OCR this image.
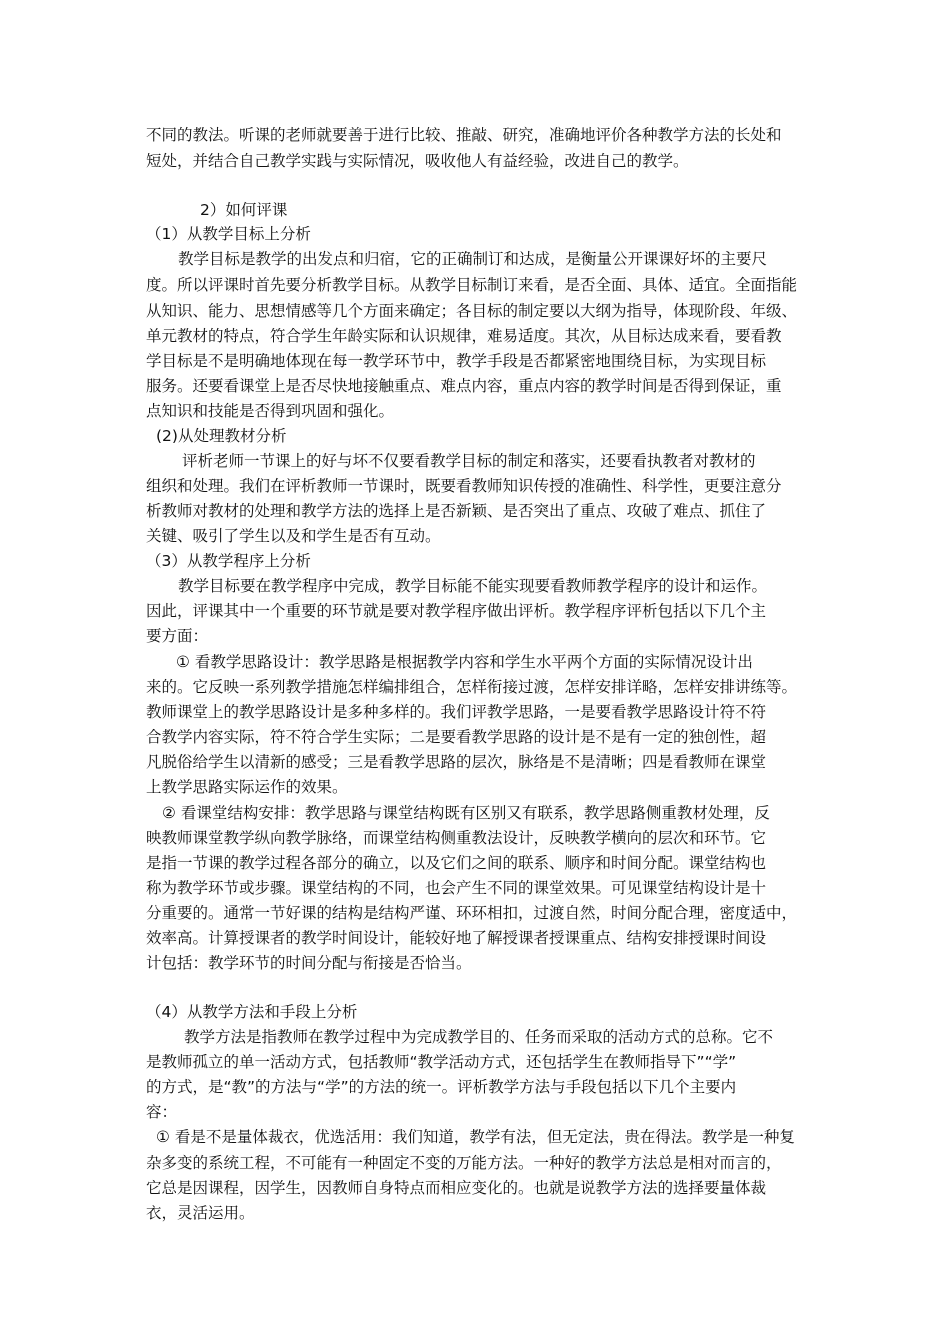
不同的教法。听课的老师就要善于进行比较、推敲、研究，准确地评价各种教学方法的长处和
短处，并结合自己教学实践与实际情况，吸收他人有益经验，改进自己的教学。
2）如何评课
（1）从教学目标上分析
教学目标是教学的出发点和归宿，它的正确制订和达成，是衡量公开课课好坏的主要尺
度。所以评课时首先要分析教学目标。从教学目标制订来看，是否全面、具体、适宜。全面指能
从知识、能力、思想情感等几个方面来确定；各目标的制定要以大纲为指导，体现阶段、年级、
单元教材的特点，符合学生年龄实际和认识规律，难易适度。其次，从目标达成来看，要看教
学目标是不是明确地体现在每一教学环节中，教学手段是否都紧密地围绕目标，为实现目标
服务。还要看课堂上是否尽快地接触重点、难点内容，重点内容的教学时间是否得到保证，重
点知识和技能是否得到巩固和强化。
(2)从处理教材分析
评析老师一节课上的好与坏不仅要看教学目标的制定和落实，还要看执教者对教材的
组织和处理。我们在评析教师一节课时，既要看教师知识传授的准确性、科学性，更要注意分
析教师对教材的处理和教学方法的选择上是否新颖、是否突出了重点、攻破了难点、抓住了
关键、吸引了学生以及和学生是否有互动。
（3）从教学程序上分析
教学目标要在教学程序中完成，教学目标能不能实现要看教师教学程序的设计和运作。
因此，评课其中一个重要的环节就是要对教学程序做出评析。教学程序评析包括以下几个主
要方面：
① 看教学思路设计：教学思路是根据教学内容和学生水平两个方面的实际情况设计出
来的。它反映一系列教学措施怎样编排组合，怎样衔接过渡，怎样安排详略，怎样安排讲练等。
教师课堂上的教学思路设计是多种多样的。我们评教学思路，一是要看教学思路设计符不符
合教学内容实际，符不符合学生实际；二是要看教学思路的设计是不是有一定的独创性，超
凡脱俗给学生以清新的感受；三是看教学思路的层次，脉络是不是清晰；四是看教师在课堂
上教学思路实际运作的效果。
② 看课堂结构安排：教学思路与课堂结构既有区别又有联系，教学思路侧重教材处理，反
映教师课堂教学纵向教学脉络，而课堂结构侧重教法设计，反映教学横向的层次和环节。它
是指一节课的教学过程各部分的确立，以及它们之间的联系、顺序和时间分配。课堂结构也
称为教学环节或步骤。课堂结构的不同，也会产生不同的课堂效果。可见课堂结构设计是十
分重要的。通常一节好课的结构是结构严谨、环环相扣，过渡自然，时间分配合理，密度适中，
效率高。计算授课者的教学时间设计，能较好地了解授课者授课重点、结构安排授课时间设
计包括：教学环节的时间分配与衔接是否恰当。
（4）从教学方法和手段上分析
教学方法是指教师在教学过程中为完成教学目的、任务而采取的活动方式的总称。它不
是教师孤立的单一活动方式，包括教师“教学活动方式，还包括学生在教师指导下”“学”
的方式，是“教”的方法与“学”的方法的统一。评析教学方法与手段包括以下几个主要内
容：
① 看是不是量体裁衣，优选活用：我们知道，教学有法，但无定法，贵在得法。教学是一种复
杂多变的系统工程，不可能有一种固定不变的万能方法。一种好的教学方法总是相对而言的，
它总是因课程，因学生，因教师自身特点而相应变化的。也就是说教学方法的选择要量体裁
衣，灵活运用。
